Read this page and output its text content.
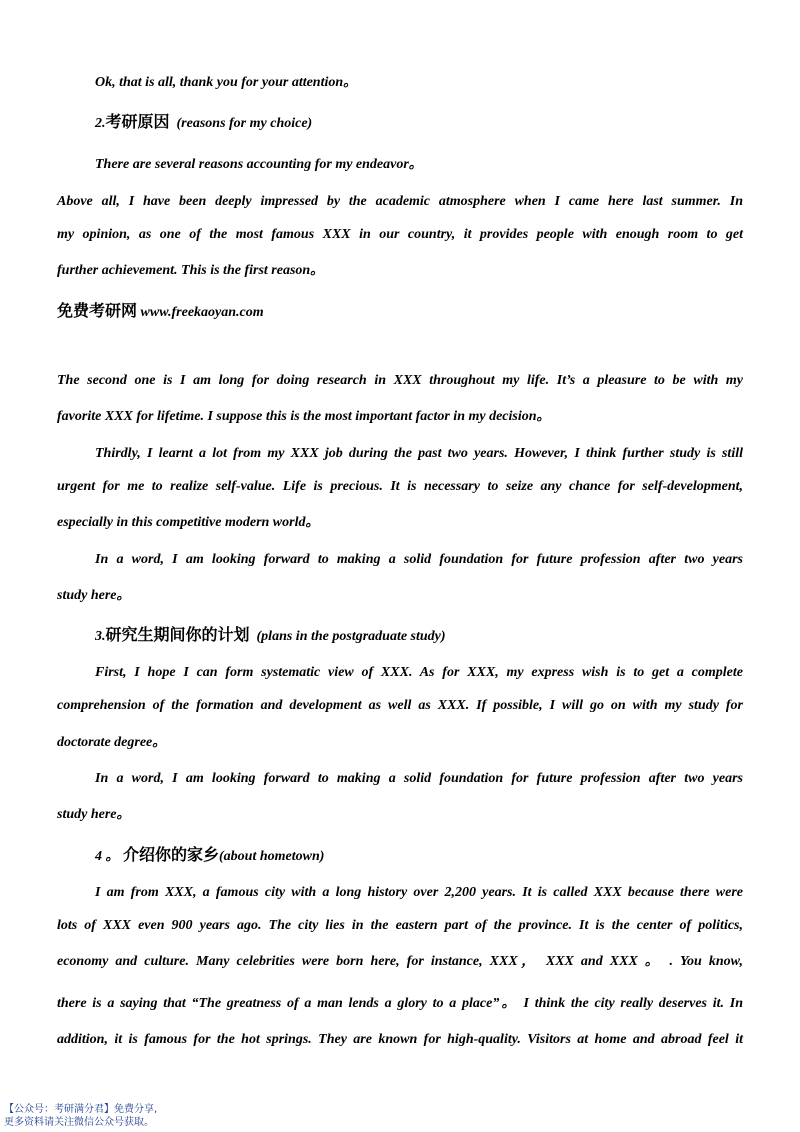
Ok, that is all, thank you for your attention。
2.考研原因 (reasons for my choice)
There are several reasons accounting for my endeavor。
Above all, I have been deeply impressed by the academic atmosphere when I came here last summer. In
my opinion, as one of the most famous XXX in our country, it provides people with enough room to get
further achievement. This is the first reason。
免费考研网 www.freekaoyan.com
The second one is I am long for doing research in XXX throughout my life. It’s a pleasure to be with my
favorite XXX for lifetime. I suppose this is the most important factor in my decision。
Thirdly, I learnt a lot from my XXX job during the past two years. However, I think further study is still
urgent for me to realize self-value. Life is precious. It is necessary to seize any chance for self-development,
especially in this competitive modern world。
In a word, I am looking forward to making a solid foundation for future profession after two years
study here。
3.研究生期间你的计划 (plans in the postgraduate study)
First, I hope I can form systematic view of XXX. As for XXX, my express wish is to get a complete
comprehension of the formation and development as well as XXX. If possible, I will go on with my study for
doctorate degree。
In a word, I am looking forward to making a solid foundation for future profession after two years
study here。
4 。 介绍你的家乡(about hometown)
I am from XXX, a famous city with a long history over 2,200 years. It is called XXX because there were
lots of XXX even 900 years ago. The city lies in the eastern part of the province. It is the center of politics,
economy and culture. Many celebrities were born here, for instance, XXX， XXX and XXX 。 . You know,
there is a saying that “The greatness of a man lends a glory to a place”。 I think the city really deserves it. In
addition, it is famous for the hot springs. They are known for high-quality. Visitors at home and abroad feel it
【公众号：考研满分君】免费分享,
更多资料请关注微信公众号获取。
